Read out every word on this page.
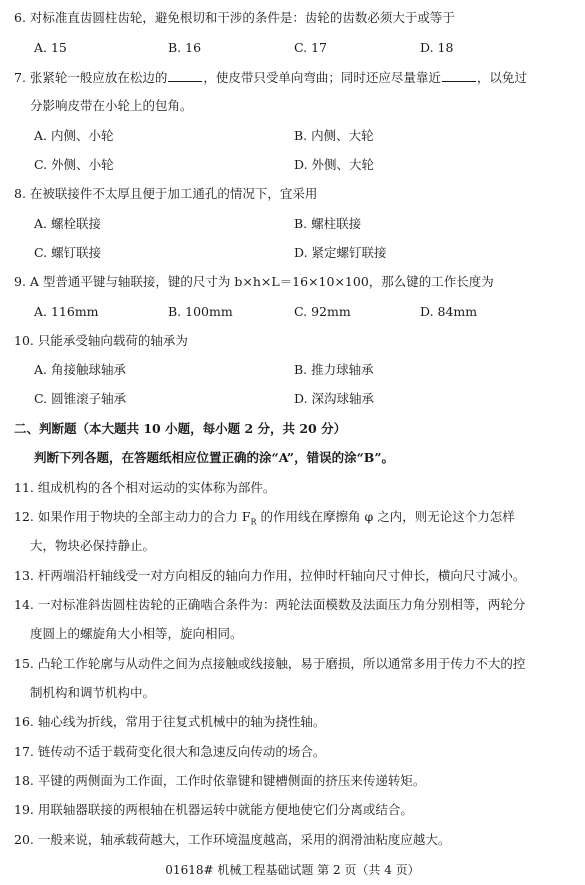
6. 对标准直齿圆柱齿轮，避免根切和干涉的条件是：齿轮的齿数必须大于或等于
A. 15	B. 16	C. 17	D. 18
7. 张紧轮一般应放在松边的	，使皮带只受单向弯曲；同时还应尽量靠近	，以免过
分影响皮带在小轮上的包角。
A. 内侧、小轮	B. 内侧、大轮
C. 外侧、小轮	D. 外侧、大轮
8. 在被联接件不太厚且便于加工通孔的情况下，宜采用
A. 螺栓联接	B. 螺柱联接
C. 螺钉联接	D. 紧定螺钉联接
9. A 型普通平键与轴联接，键的尺寸为 b×h×L＝16×10×100，那么键的工作长度为
A. 116mm	B. 100mm	C. 92mm	D. 84mm
10. 只能承受轴向载荷的轴承为
A. 角接触球轴承	B. 推力球轴承
C. 圆锥滚子轴承	D. 深沟球轴承
二、判断题（本大题共 10 小题，每小题 2 分，共 20 分）
判断下列各题，在答题纸相应位置正确的涂“A”，错误的涂“B”。
11. 组成机构的各个相对运动的实体称为部件。
12. 如果作用于物块的全部主动力的合力 $F_R$ 的作用线在摩擦角 φ 之内，则无论这个力怎样
大，物块必保持静止。
13. 杆两端沿杆轴线受一对方向相反的轴向力作用，拉伸时杆轴向尺寸伸长，横向尺寸减小。
14. 一对标准斜齿圆柱齿轮的正确啮合条件为：两轮法面模数及法面压力角分别相等，两轮分
度圆上的螺旋角大小相等，旋向相同。
15. 凸轮工作轮廓与从动件之间为点接触或线接触，易于磨损，所以通常多用于传力不大的控
制机构和调节机构中。
16. 轴心线为折线，常用于往复式机械中的轴为挠性轴。
17. 链传动不适于载荷变化很大和急速反向传动的场合。
18. 平键的两侧面为工作面，工作时依靠键和键槽侧面的挤压来传递转矩。
19. 用联轴器联接的两根轴在机器运转中就能方便地使它们分离或结合。
20. 一般来说，轴承载荷越大，工作环境温度越高，采用的润滑油粘度应越大。
01618# 机械工程基础试题 第 2 页（共 4 页）
